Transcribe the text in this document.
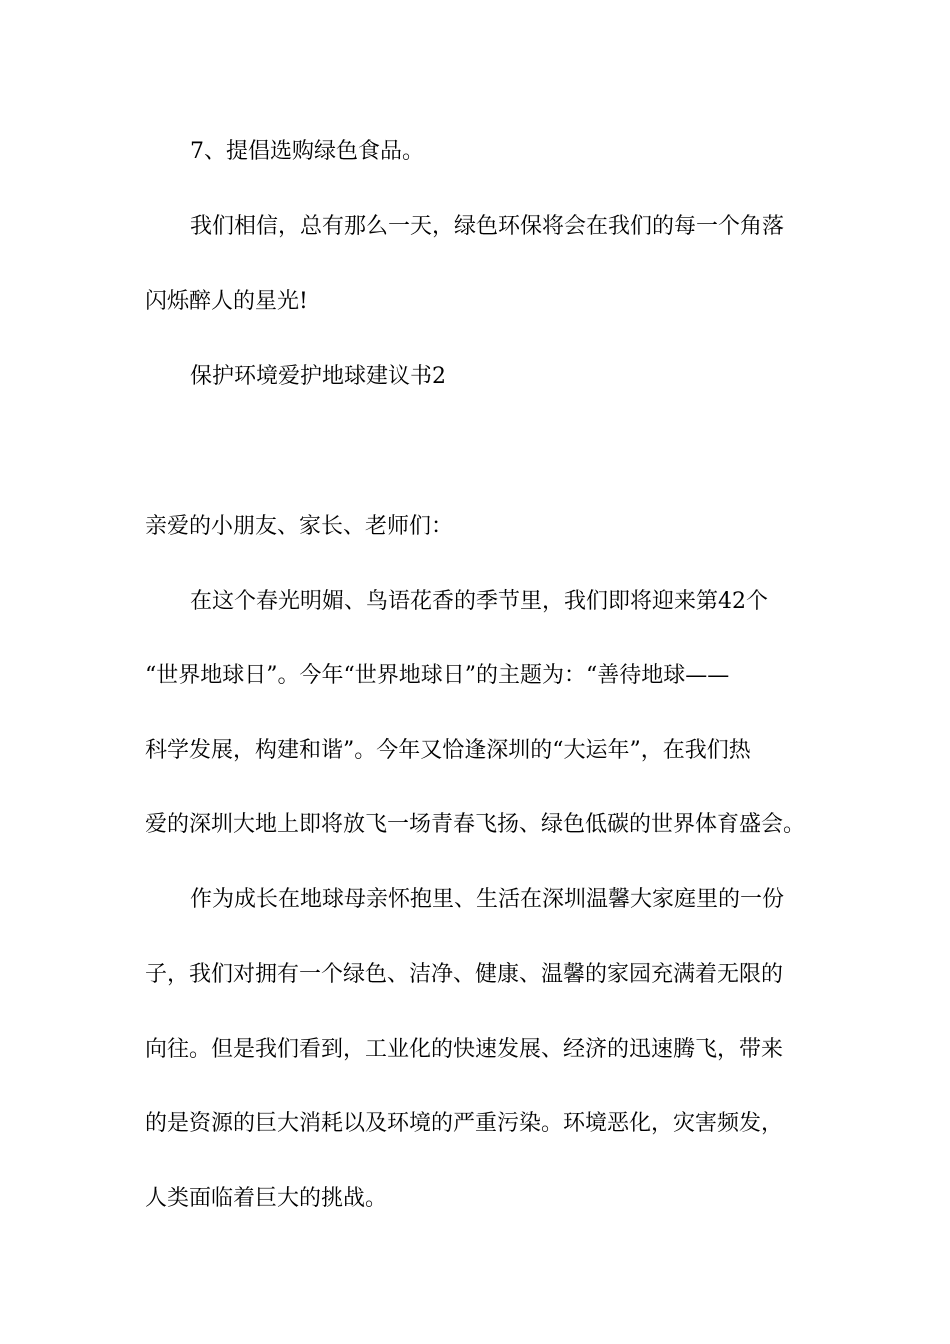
7、提倡选购绿色食品。
我们相信，总有那么一天，绿色环保将会在我们的每一个角落
闪烁醉人的星光!
保护环境爱护地球建议书2
亲爱的小朋友、家长、老师们：
在这个春光明媚、鸟语花香的季节里，我们即将迎来第42个
“世界地球日”。今年“世界地球日”的主题为：“善待地球——
科学发展，构建和谐”。今年又恰逢深圳的“大运年”，在我们热
爱的深圳大地上即将放飞一场青春飞扬、绿色低碳的世界体育盛会。
作为成长在地球母亲怀抱里、生活在深圳温馨大家庭里的一份
子，我们对拥有一个绿色、洁净、健康、温馨的家园充满着无限的
向往。但是我们看到，工业化的快速发展、经济的迅速腾飞，带来
的是资源的巨大消耗以及环境的严重污染。环境恶化，灾害频发，
人类面临着巨大的挑战。
